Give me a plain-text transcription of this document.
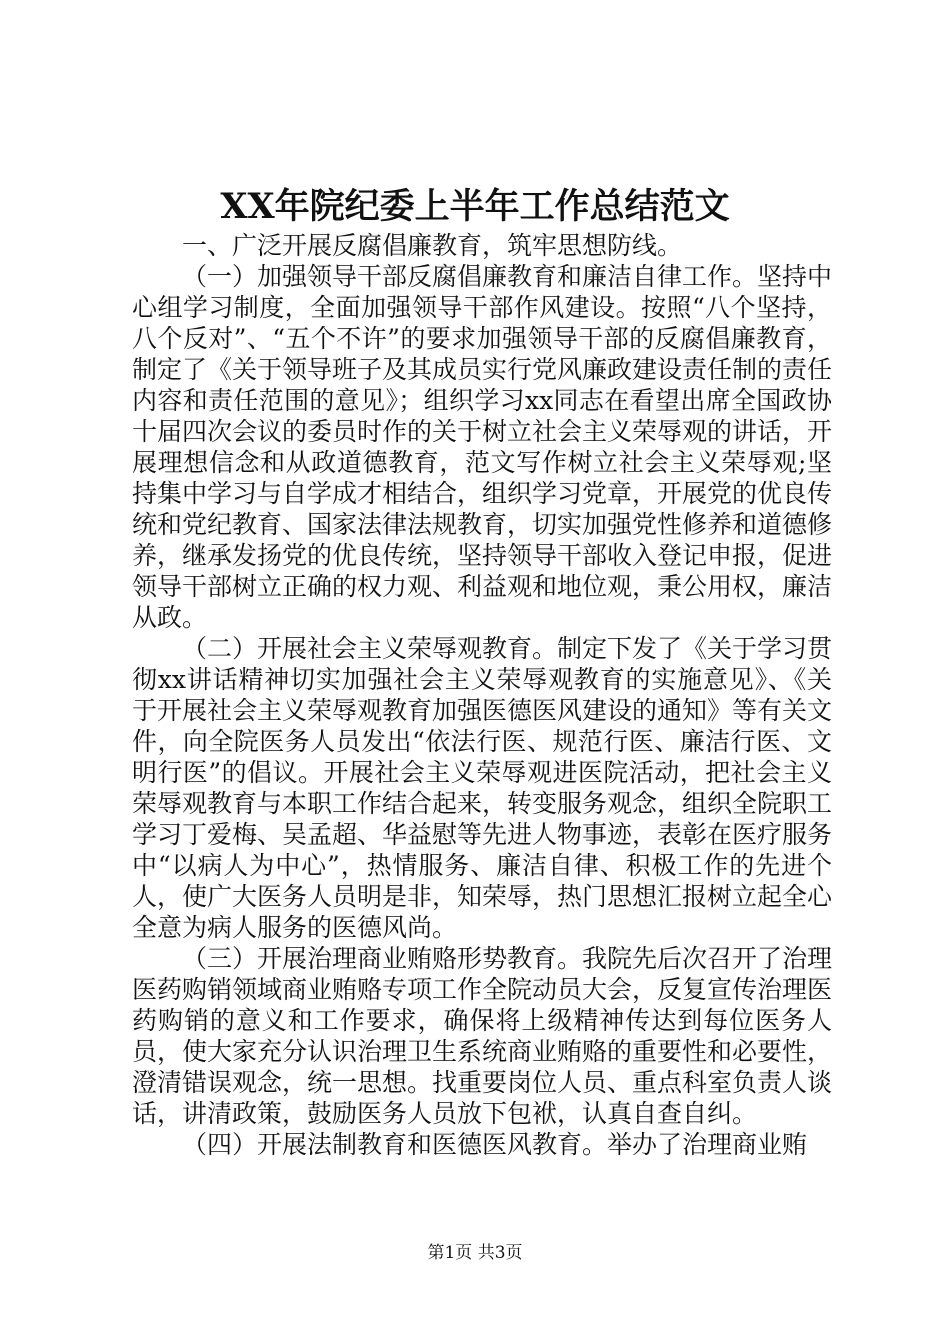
XX年院纪委上半年工作总结范文

一、广泛开展反腐倡廉教育，筑牢思想防线。

（一）加强领导干部反腐倡廉教育和廉洁自律工作。坚持中心组学习制度，全面加强领导干部作风建设。按照“八个坚持，八个反对”、“五个不许”的要求加强领导干部的反腐倡廉教育，制定了《关于领导班子及其成员实行党风廉政建设责任制的责任内容和责任范围的意见》；组织学习xx同志在看望出席全国政协十届四次会议的委员时作的关于树立社会主义荣辱观的讲话，开展理想信念和从政道德教育，范文写作树立社会主义荣辱观;坚持集中学习与自学成才相结合，组织学习党章，开展党的优良传统和党纪教育、国家法律法规教育，切实加强党性修养和道德修养，继承发扬党的优良传统，坚持领导干部收入登记申报，促进领导干部树立正确的权力观、利益观和地位观，秉公用权，廉洁从政。

（二）开展社会主义荣辱观教育。制定下发了《关于学习贯彻xx讲话精神切实加强社会主义荣辱观教育的实施意见》、《关于开展社会主义荣辱观教育加强医德医风建设的通知》等有关文件，向全院医务人员发出“依法行医、规范行医、廉洁行医、文明行医”的倡议。开展社会主义荣辱观进医院活动，把社会主义荣辱观教育与本职工作结合起来，转变服务观念，组织全院职工学习丁爱梅、吴孟超、华益慰等先进人物事迹，表彰在医疗服务中“以病人为中心”，热情服务、廉洁自律、积极工作的先进个人，使广大医务人员明是非，知荣辱，热门思想汇报树立起全心全意为病人服务的医德风尚。

（三）开展治理商业贿赂形势教育。我院先后次召开了治理医药购销领域商业贿赂专项工作全院动员大会，反复宣传治理医药购销的意义和工作要求，确保将上级精神传达到每位医务人员，使大家充分认识治理卫生系统商业贿赂的重要性和必要性，澄清错误观念，统一思想。找重要岗位人员、重点科室负责人谈话，讲清政策，鼓励医务人员放下包袱，认真自查自纠。

（四）开展法制教育和医德医风教育。举办了治理商业贿

第1页 共3页
